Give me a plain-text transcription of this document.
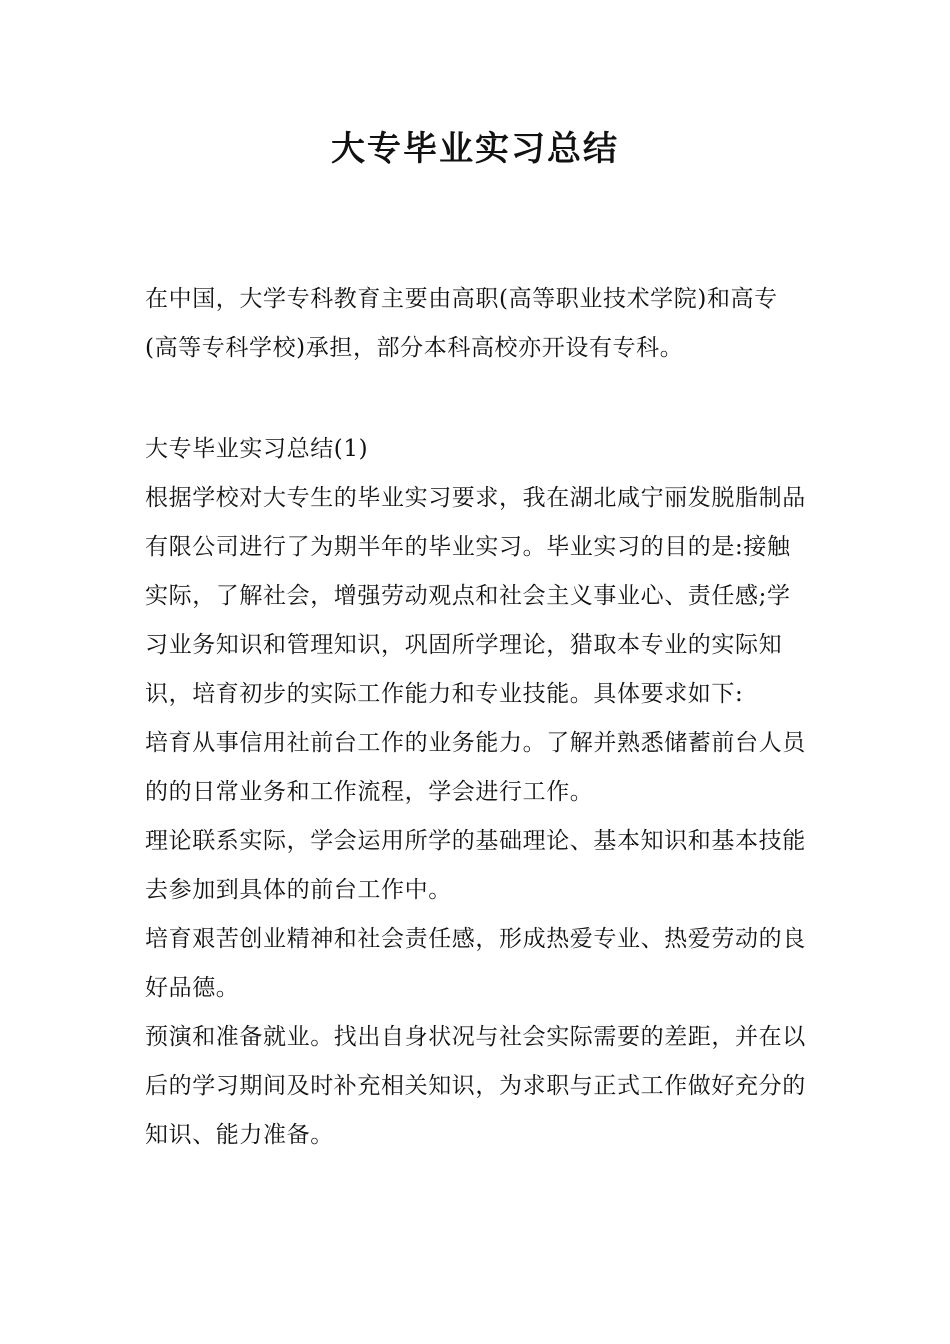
大专毕业实习总结

在中国，大学专科教育主要由高职(高等职业技术学院)和高专(高等专科学校)承担，部分本科高校亦开设有专科。

大专毕业实习总结(1)

根据学校对大专生的毕业实习要求，我在湖北咸宁丽发脱脂制品有限公司进行了为期半年的毕业实习。毕业实习的目的是:接触实际，了解社会，增强劳动观点和社会主义事业心、责任感;学习业务知识和管理知识，巩固所学理论，猎取本专业的实际知识，培育初步的实际工作能力和专业技能。具体要求如下:

培育从事信用社前台工作的业务能力。了解并熟悉储蓄前台人员的的日常业务和工作流程，学会进行工作。

理论联系实际，学会运用所学的基础理论、基本知识和基本技能去参加到具体的前台工作中。

培育艰苦创业精神和社会责任感，形成热爱专业、热爱劳动的良好品德。

预演和准备就业。找出自身状况与社会实际需要的差距，并在以后的学习期间及时补充相关知识，为求职与正式工作做好充分的知识、能力准备。
